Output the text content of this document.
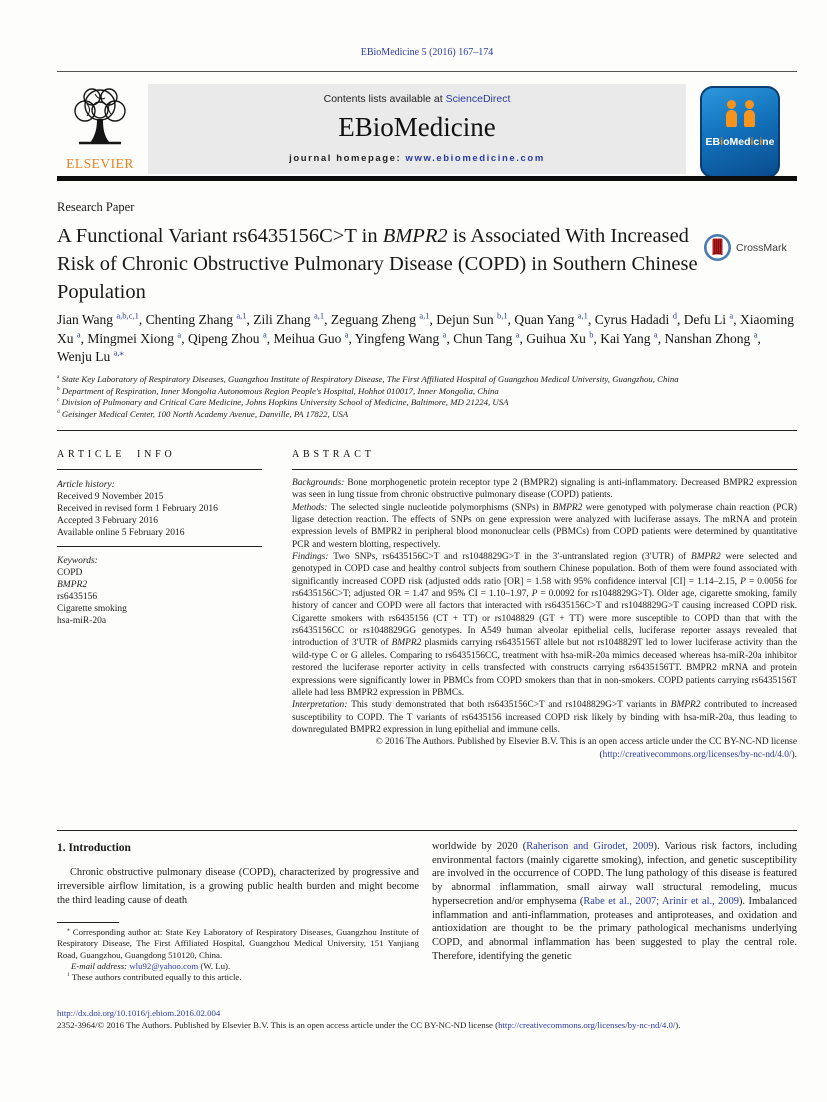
EBioMedicine 5 (2016) 167–174
ELSEVIER
Contents lists available at ScienceDirect
EBioMedicine
journal homepage: www.ebiomedicine.com
EBioMedicine
Research Paper
A Functional Variant rs6435156C>T in BMPR2 is Associated With Increased Risk of Chronic Obstructive Pulmonary Disease (COPD) in Southern Chinese Population
CrossMark
Jian Wang $^{a,b,c,1}$, Chenting Zhang $^{a,1}$, Zili Zhang $^{a,1}$, Zeguang Zheng $^{a,1}$, Dejun Sun $^{b,1}$, Quan Yang $^{a,1}$, Cyrus Hadadi $^d$, Defu Li $^a$, Xiaoming Xu $^a$, Mingmei Xiong $^a$, Qipeng Zhou $^a$, Meihua Guo $^a$, Yingfeng Wang $^a$, Chun Tang $^a$, Guihua Xu $^b$, Kai Yang $^a$, Nanshan Zhong $^a$, Wenju Lu $^{a,⁎}$
$^a$ State Key Laboratory of Respiratory Diseases, Guangzhou Institute of Respiratory Disease, The First Affiliated Hospital of Guangzhou Medical University, Guangzhou, China
$^b$ Department of Respiration, Inner Mongolia Autonomous Region People's Hospital, Hohhot 010017, Inner Mongolia, China
$^c$ Division of Pulmonary and Critical Care Medicine, Johns Hopkins University School of Medicine, Baltimore, MD 21224, USA
$^d$ Geisinger Medical Center, 100 North Academy Avenue, Danville, PA 17822, USA
ARTICLE INFO
Article history:
Received 9 November 2015
Received in revised form 1 February 2016
Accepted 3 February 2016
Available online 5 February 2016
Keywords:
COPD
BMPR2
rs6435156
Cigarette smoking
hsa-miR-20a
ABSTRACT

Backgrounds: Bone morphogenetic protein receptor type 2 (BMPR2) signaling is anti-inflammatory. Decreased BMPR2 expression was seen in lung tissue from chronic obstructive pulmonary disease (COPD) patients.

Methods: The selected single nucleotide polymorphisms (SNPs) in BMPR2 were genotyped with polymerase chain reaction (PCR) ligase detection reaction. The effects of SNPs on gene expression were analyzed with luciferase assays. The mRNA and protein expression levels of BMPR2 in peripheral blood mononuclear cells (PBMCs) from COPD patients were determined by quantitative PCR and western blotting, respectively.

Findings: Two SNPs, rs6435156C>T and rs1048829G>T in the 3′-untranslated region (3′UTR) of BMPR2 were selected and genotyped in COPD case and healthy control subjects from southern Chinese population. Both of them were found associated with significantly increased COPD risk (adjusted odds ratio [OR] = 1.58 with 95% confidence interval [CI] = 1.14–2.15, P = 0.0056 for rs6435156C>T; adjusted OR = 1.47 and 95% CI = 1.10–1.97, P = 0.0092 for rs1048829G>T). Older age, cigarette smoking, family history of cancer and COPD were all factors that interacted with rs6435156C>T and rs1048829G>T causing increased COPD risk. Cigarette smokers with rs6435156 (CT + TT) or rs1048829 (GT + TT) were more susceptible to COPD than that with the rs6435156CC or rs1048829GG genotypes. In A549 human alveolar epithelial cells, luciferase reporter assays revealed that introduction of 3′UTR of BMPR2 plasmids carrying rs6435156T allele but not rs1048829T led to lower luciferase activity than the wild-type C or G alleles. Comparing to rs6435156CC, treatment with hsa-miR-20a mimics deceased whereas hsa-miR-20a inhibitor restored the luciferase reporter activity in cells transfected with constructs carrying rs6435156TT. BMPR2 mRNA and protein expressions were significantly lower in PBMCs from COPD smokers than that in non-smokers. COPD patients carrying rs6435156T allele had less BMPR2 expression in PBMCs.

Interpretation: This study demonstrated that both rs6435156C>T and rs1048829G>T variants in BMPR2 contributed to increased susceptibility to COPD. The T variants of rs6435156 increased COPD risk likely by binding with hsa-miR-20a, thus leading to downregulated BMPR2 expression in lung epithelial and immune cells.

© 2016 The Authors. Published by Elsevier B.V. This is an open access article under the CC BY-NC-ND license

(http://creativecommons.org/licenses/by-nc-nd/4.0/).

1. Introduction
Chronic obstructive pulmonary disease (COPD), characterized by progressive and irreversible airflow limitation, is a growing public health burden and might become the third leading cause of death
worldwide by 2020 (Raherison and Girodet, 2009). Various risk factors, including environmental factors (mainly cigarette smoking), infection, and genetic susceptibility are involved in the occurrence of COPD. The lung pathology of this disease is featured by abnormal inflammation, small airway wall structural remodeling, mucus hypersecretion and/or emphysema (Rabe et al., 2007; Arinir et al., 2009). Imbalanced inflammation and anti-inflammation, proteases and antiproteases, and oxidation and antioxidation are thought to be the primary pathological mechanisms underlying COPD, and abnormal inflammation has been suggested to play the central role. Therefore, identifying the genetic
⁎ Corresponding author at: State Key Laboratory of Respiratory Diseases, Guangzhou Institute of Respiratory Disease, The First Affiliated Hospital, Guangzhou Medical University, 151 Yanjiang Road, Guangzhou, Guangdong 510120, China.
E-mail address: wlu92@yahoo.com (W. Lu).
$^1$ These authors contributed equally to this article.
http://dx.doi.org/10.1016/j.ebiom.2016.02.004
2352-3964/© 2016 The Authors. Published by Elsevier B.V. This is an open access article under the CC BY-NC-ND license (http://creativecommons.org/licenses/by-nc-nd/4.0/).
